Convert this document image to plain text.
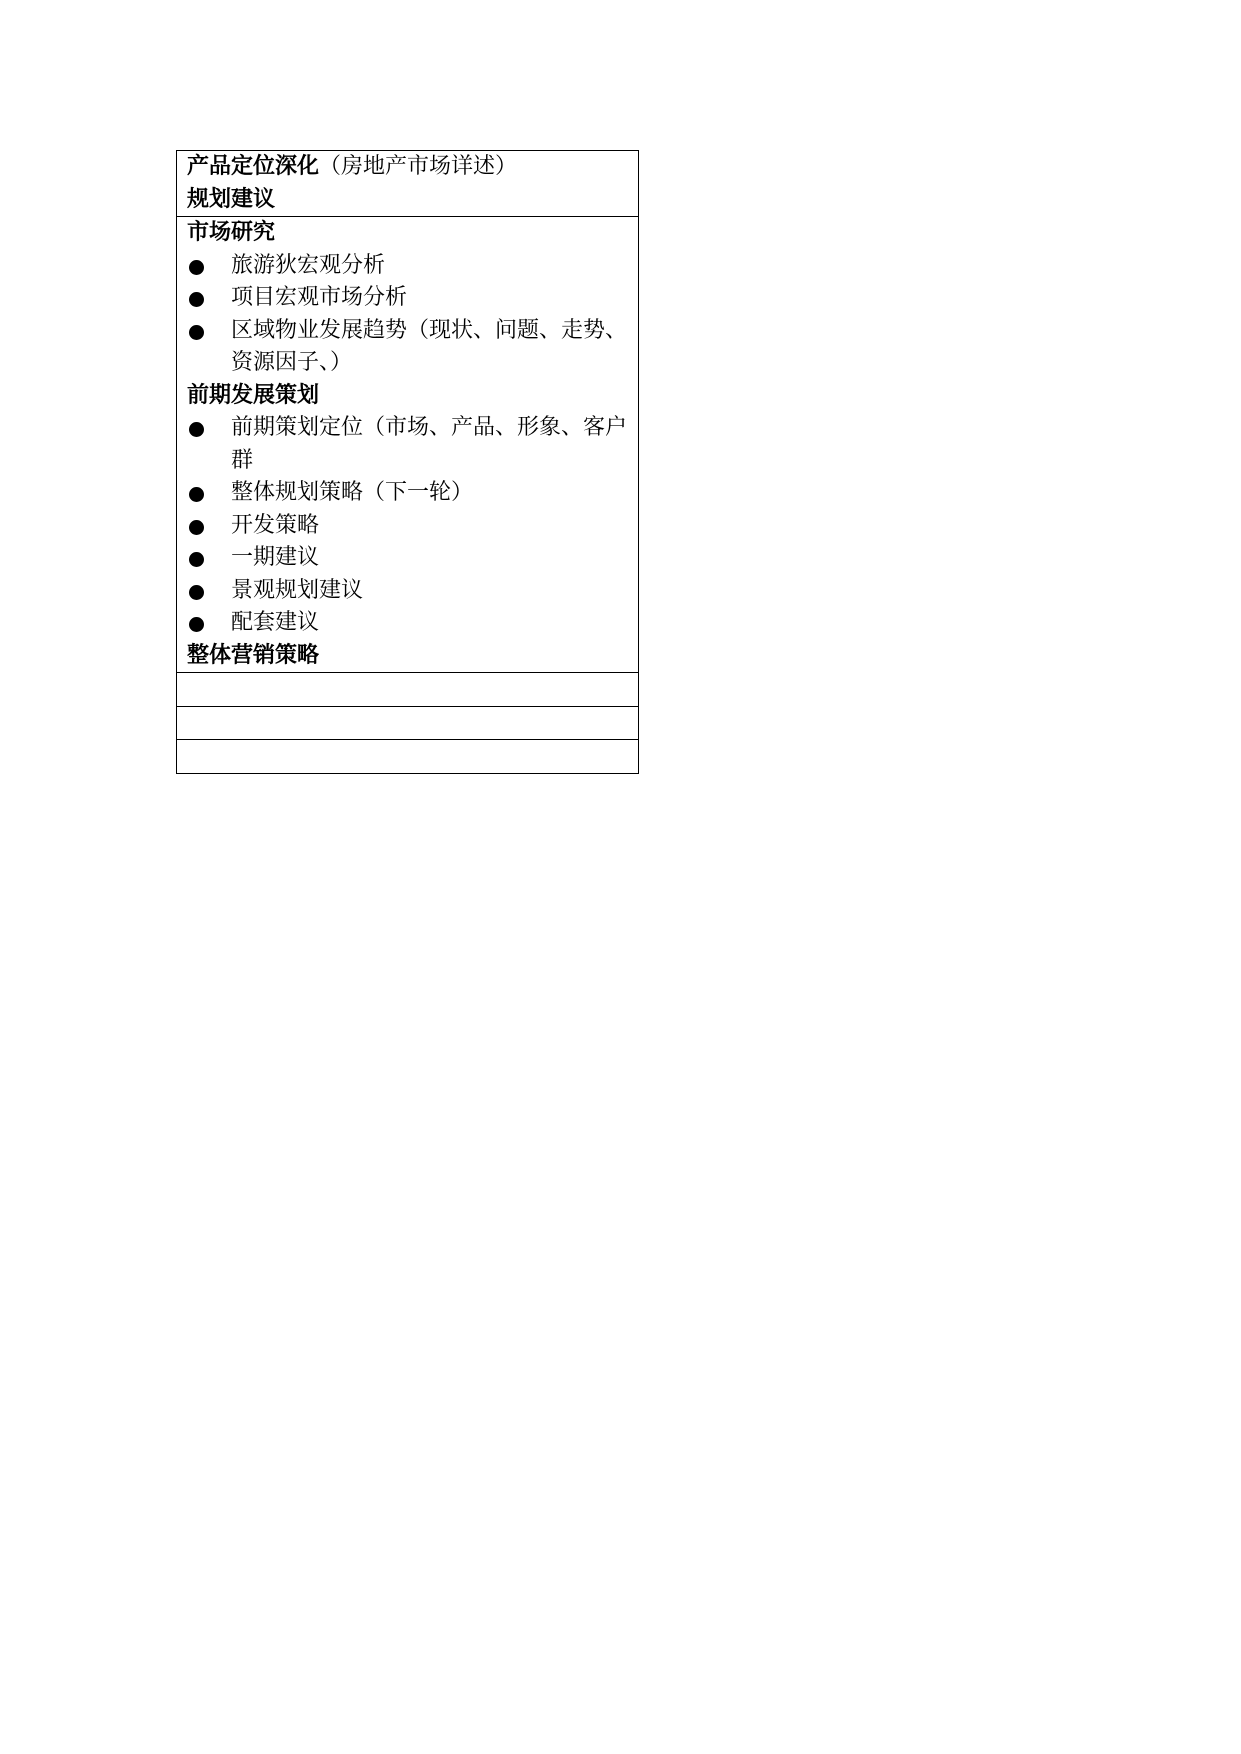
产品定位深化（房地产市场详述）
规划建议

市场研究
旅游狄宏观分析
项目宏观市场分析
区域物业发展趋势（现状、问题、走势、资源因子、）
前期发展策划
前期策划定位（市场、产品、形象、客户群
整体规划策略（下一轮）
开发策略
一期建议
景观规划建议
配套建议
整体营销策略
